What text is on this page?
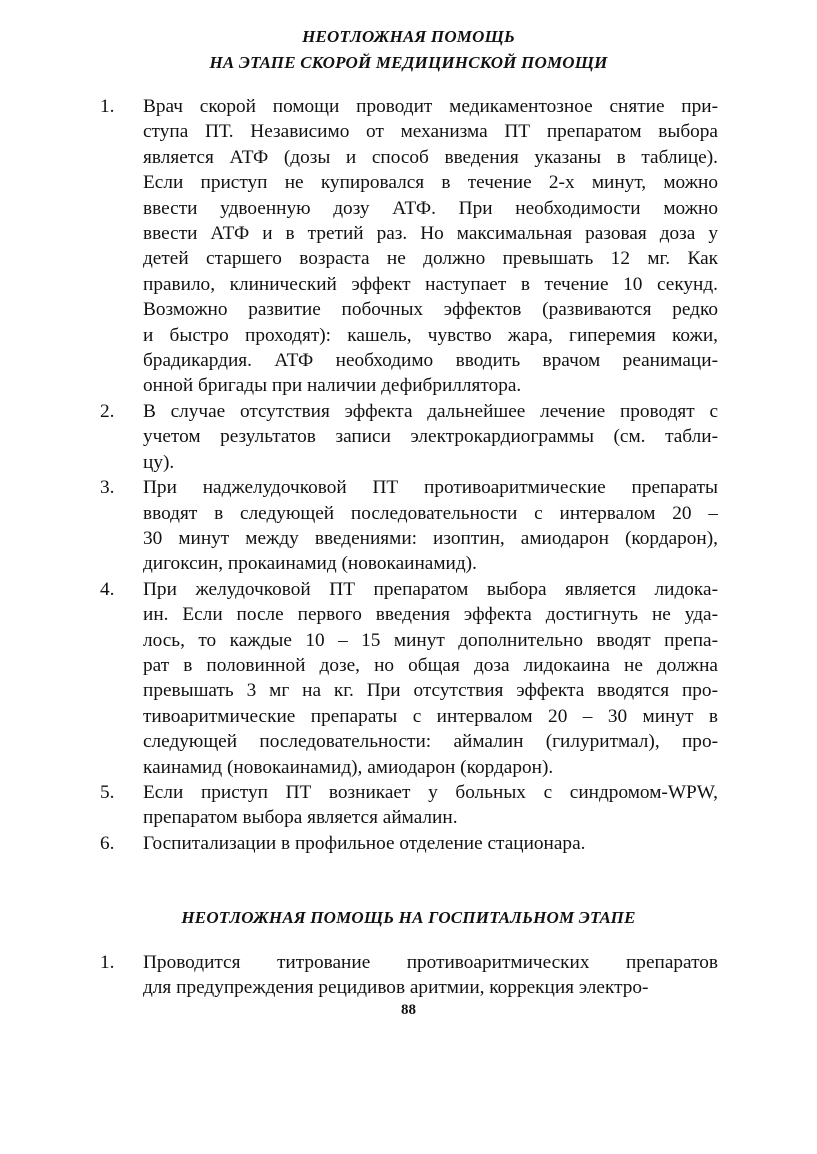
НЕОТЛОЖНАЯ ПОМОЩЬ
НА ЭТАПЕ СКОРОЙ МЕДИЦИНСКОЙ ПОМОЩИ
1. Врач скорой помощи проводит медикаментозное снятие при-
ступа ПТ. Независимо от механизма ПТ препаратом выбора
является АТФ (дозы и способ введения указаны в таблице).
Если приступ не купировался в течение 2-х минут, можно
ввести удвоенную дозу АТФ. При необходимости можно
ввести АТФ и в третий раз. Но максимальная разовая доза у
детей старшего возраста не должно превышать 12 мг. Как
правило, клинический эффект наступает в течение 10 секунд.
Возможно развитие побочных эффектов (развиваются редко
и быстро проходят): кашель, чувство жара, гиперемия кожи,
брадикардия. АТФ необходимо вводить врачом реанимаци-
онной бригады при наличии дефибриллятора.
2. В случае отсутствия эффекта дальнейшее лечение проводят с
учетом результатов записи электрокардиограммы (см. табли-
цу).
3. При наджелудочковой ПТ противоаритмические препараты
вводят в следующей последовательности с интервалом 20 –
30 минут между введениями: изоптин, амиодарон (кордарон),
дигоксин, прокаинамид (новокаинамид).
4. При желудочковой ПТ препаратом выбора является лидока-
ин. Если после первого введения эффекта достигнуть не уда-
лось, то каждые 10 – 15 минут дополнительно вводят препа-
рат в половинной дозе, но общая доза лидокаина не должна
превышать 3 мг на кг. При отсутствия эффекта вводятся про-
тивоаритмические препараты с интервалом 20 – 30 минут в
следующей последовательности: аймалин (гилуритмал), про-
каинамид (новокаинамид), амиодарон (кордарон).
5. Если приступ ПТ возникает у больных с синдромом-WPW,
препаратом выбора является аймалин.
6. Госпитализации в профильное отделение стационара.
НЕОТЛОЖНАЯ ПОМОЩЬ НА ГОСПИТАЛЬНОМ ЭТАПЕ
1. Проводится титрование противоаритмических препаратов
для предупреждения рецидивов аритмии, коррекция электро-
88
